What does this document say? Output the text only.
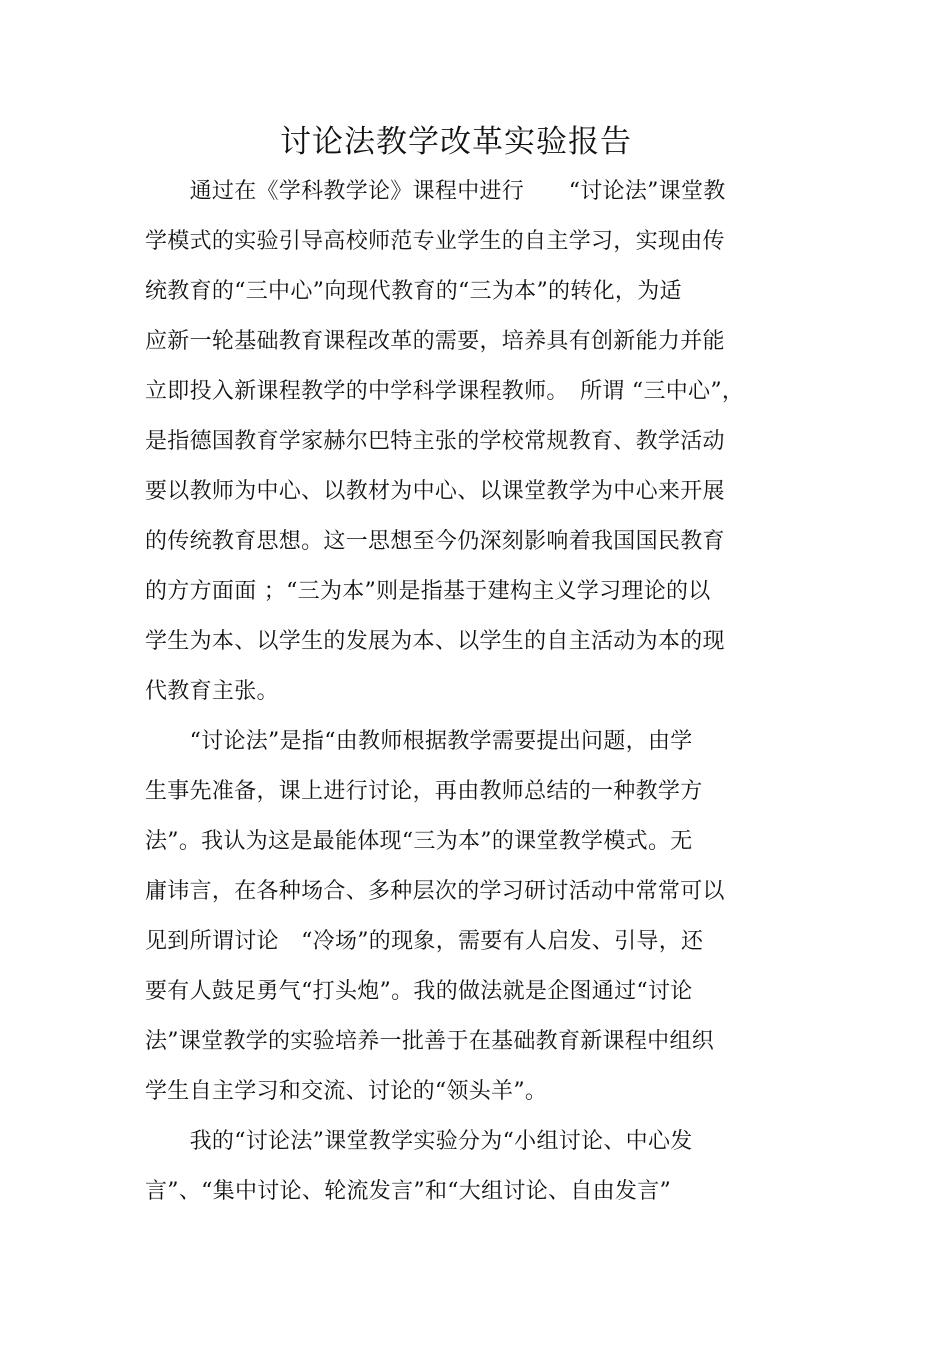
讨论法教学改革实验报告
　　通过在《学科教学论》课程中进行　　“讨论法”课堂教
学模式的实验引导高校师范专业学生的自主学习，实现由传
统教育的“三中心”向现代教育的“三为本”的转化，为适
应新一轮基础教育课程改革的需要，培养具有创新能力并能
立即投入新课程教学的中学科学课程教师。　所谓 “三中心”，
是指德国教育学家赫尔巴特主张的学校常规教育、教学活动
要以教师为中心、以教材为中心、以课堂教学为中心来开展
的传统教育思想。这一思想至今仍深刻影响着我国国民教育
的方方面面 ；“三为本”则是指基于建构主义学习理论的以
学生为本、以学生的发展为本、以学生的自主活动为本的现
代教育主张。
　　“讨论法”是指“由教师根据教学需要提出问题，由学
生事先准备，课上进行讨论，再由教师总结的一种教学方
法”。我认为这是最能体现“三为本”的课堂教学模式。无
庸讳言，在各种场合、多种层次的学习研讨活动中常常可以
见到所谓讨论　“冷场”的现象，需要有人启发、引导，还
要有人鼓足勇气“打头炮”。我的做法就是企图通过“讨论
法”课堂教学的实验培养一批善于在基础教育新课程中组织
学生自主学习和交流、讨论的“领头羊”。
　　我的“讨论法”课堂教学实验分为“小组讨论、中心发
言”、“集中讨论、轮流发言”和“大组讨论、自由发言”
